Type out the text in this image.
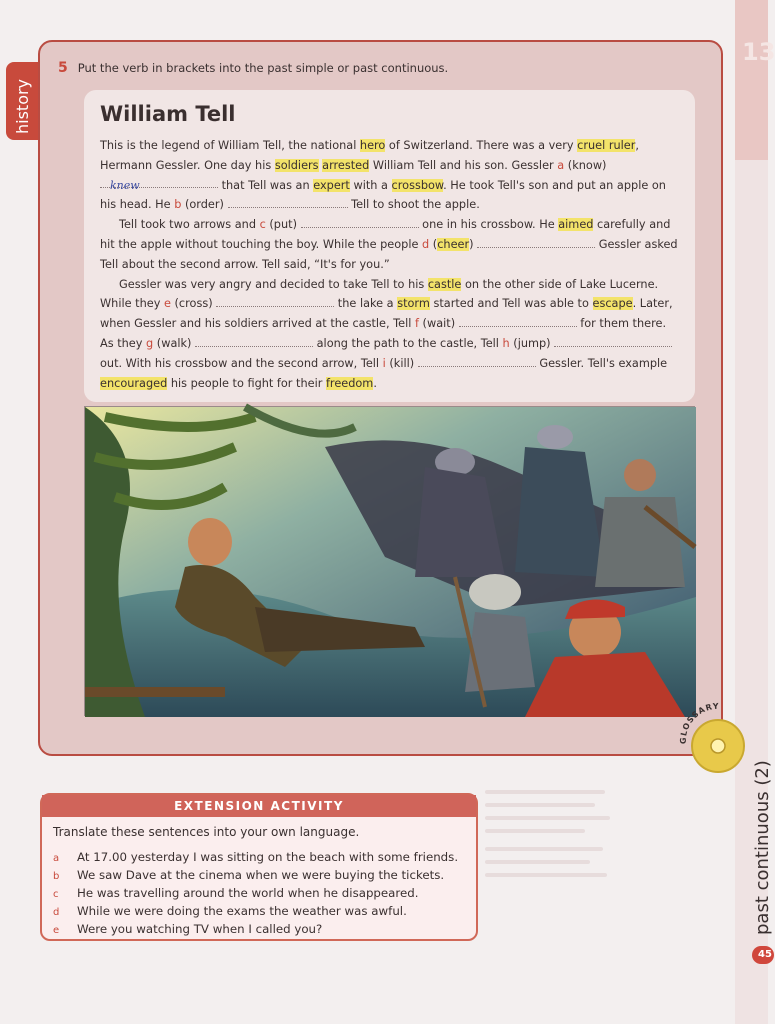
13
past continuous (2)
45
history
5 Put the verb in brackets into the past simple or past continuous.
William Tell

This is the legend of William Tell, the national hero of Switzerland. There was a very cruel ruler, Hermann Gessler. One day his soldiers arrested William Tell and his son. Gessler a (know) knew	that Tell was an expert with a crossbow. He took Tell's son and put an apple on his head. He b (order)	Tell to shoot the apple.

Tell took two arrows and c (put)	one in his crossbow. He aimed carefully and hit the apple without touching the boy. While the people d (cheer)	Gessler asked Tell about the second arrow. Tell said, “It's for you.”

Gessler was very angry and decided to take Tell to his castle on the other side of Lake Lucerne. While they e (cross)	the lake a storm started and Tell was able to escape. Later, when Gessler and his soldiers arrived at the castle, Tell f (wait)	for them there. As they g (walk)	along the path to the castle, Tell h (jump)  out. With his crossbow and the second arrow, Tell i (kill)	Gessler. Tell's example encouraged his people to fight for their freedom.

GLOSSARY
EXTENSION ACTIVITY
Translate these sentences into your own language.
a At 17.00 yesterday I was sitting on the beach with some friends.
b We saw Dave at the cinema when we were buying the tickets.
c He was travelling around the world when he disappeared.
d While we were doing the exams the weather was awful.
e Were you watching TV when I called you?
